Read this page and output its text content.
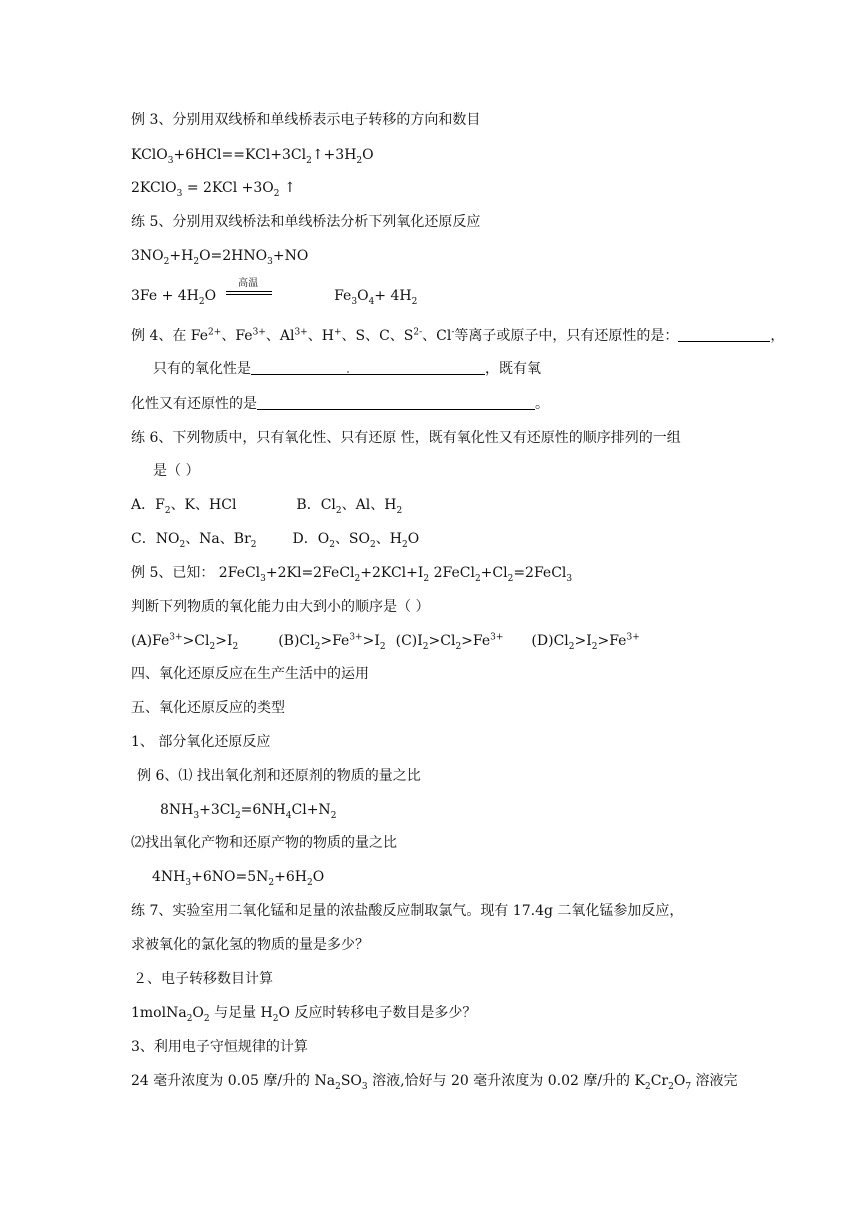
例 3、分别用双线桥和单线桥表示电子转移的方向和数目
$KClO_3+6HCl==KCl+3Cl_2↑+3H_2O$
2KClO$_3$ = $2KCl +3O_2$ ↑
练 5、分别用双线桥法和单线桥法分析下列氧化还原反应
$3NO_2+H_2O=2HNO_3+NO$
$3Fe + 4H_2O$
高温
$Fe_3O_4+ 4H_2$
例 4、在 $Fe^{2+}$、$Fe^{3+}$、$Al^{3+}$、H+、S、C、$S^{2-}$、Cl-等离子或原子中，只有还原性的是：	，
只有的氧化性是	，既有氧
化性又有还原性的是	。
练 6、下列物质中，只有氧化性、只有还原 性，既有氧化性又有还原性的顺序排列的一组
是（ ）
A．$F_2$、K、HCl	B．$Cl_2$、Al、$H_2$
C．$NO_2$、Na、$Br_2$	D．$O_2$、$SO_2$、$H_2O$
例 5、已知： $2FeCl_3+2Kl=2FeCl_2+2KCl+I_2$ $2FeCl_2+Cl_2=2FeCl_3$
判断下列物质的氧化能力由大到小的顺序是（ ）
$(A)Fe^{3+}>Cl_2>I_2$	$(B)Cl_2>Fe^{3+}>I_2$ $(C)I_2>Cl_2>Fe^{3+}$ $(D)Cl_2>I_2>Fe^{3+}$
四、氧化还原反应在生产生活中的运用
五、氧化还原反应的类型
1、 部分氧化还原反应
例 6、⑴ 找出氧化剂和还原剂的物质的量之比
$8NH_3+3Cl_2=6NH_4Cl+N_2$
⑵找出氧化产物和还原产物的物质的量之比
$4NH_3+6NO=5N_2+6H_2O$
练 7、实验室用二氧化锰和足量的浓盐酸反应制取氯气。现有 17.4g 二氧化锰参加反应，
求被氧化的氯化氢的物质的量是多少？
２、电子转移数目计算
$1molNa_2O_2$ 与足量 $H_2O$ 反应时转移电子数目是多少？
3、利用电子守恒规律的计算
24 毫升浓度为 0.05 摩/升的 $Na_2SO_3$ 溶液,恰好与 20 毫升浓度为 0.02 摩/升的 $K_2Cr_2O_7$ 溶液完
